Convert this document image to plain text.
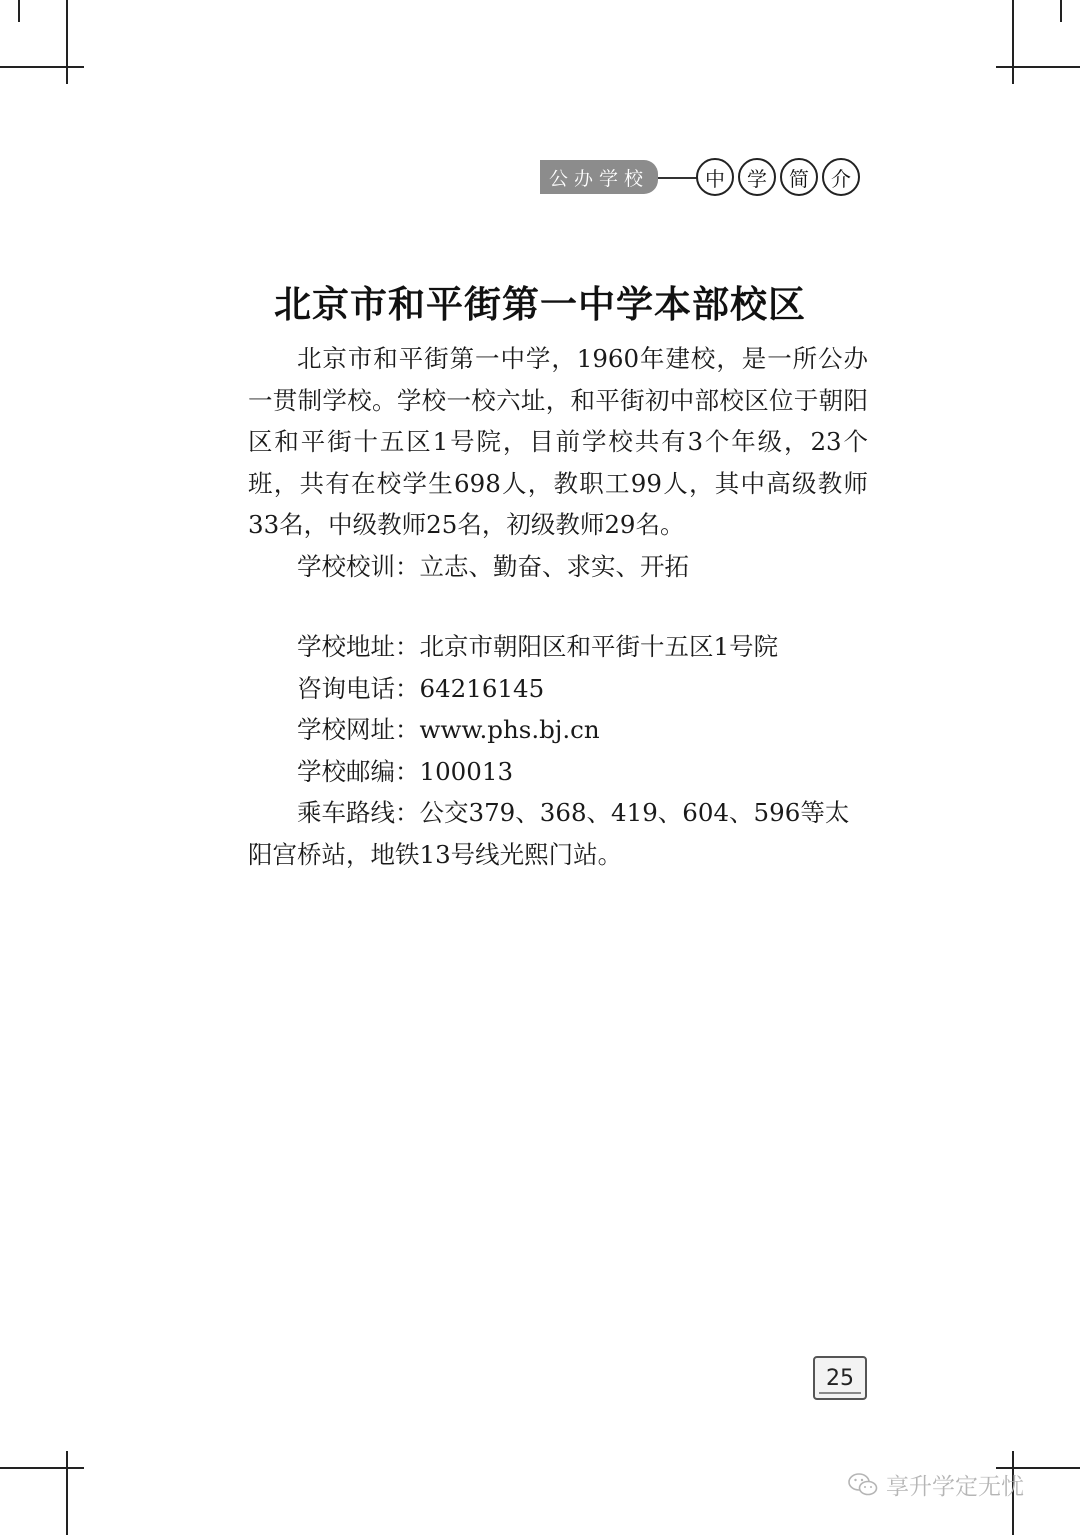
公办学校	中	学	简	介
北京市和平街第一中学本部校区

北京市和平街第一中学，1960年建校，是一所公办一贯制学校。学校一校六址，和平街初中部校区位于朝阳区和平街十五区1号院，目前学校共有3个年级，23个班，共有在校学生698人，教职工99人，其中高级教师33名，中级教师25名，初级教师29名。

学校校训：立志、勤奋、求实、开拓

学校地址：北京市朝阳区和平街十五区1号院

咨询电话：64216145

学校网址：www.phs.bj.cn

学校邮编：100013

乘车路线：公交379、368、419、604、596等太阳宫桥站，地铁13号线光熙门站。

25
享升学定无忧
